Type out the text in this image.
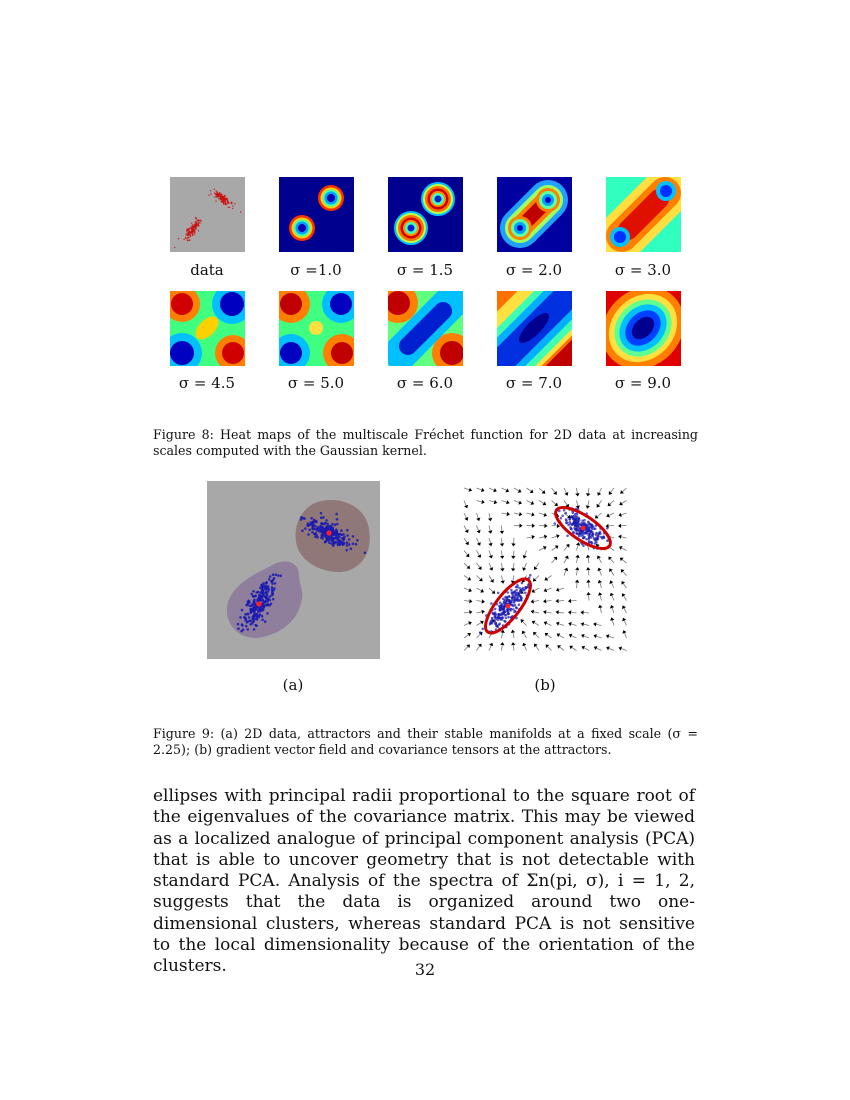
data	σ =1.0	σ = 1.5	σ = 2.0	σ = 3.0
σ = 4.5	σ = 5.0	σ = 6.0	σ = 7.0	σ = 9.0
Figure 8: Heat maps of the multiscale Fréchet function for 2D data at increasing scales computed with the Gaussian kernel.
(a)	(b)
Figure 9: (a) 2D data, attractors and their stable manifolds at a fixed scale (σ = 2.25); (b) gradient vector field and covariance tensors at the attractors.

ellipses with principal radii proportional to the square root of the eigenvalues of the covariance matrix. This may be viewed as a localized analogue of principal component analysis (PCA) that is able to uncover geometry that is not detectable with standard PCA. Analysis of the spectra of Σn(pi, σ), i = 1, 2, suggests that the data is organized around two one-dimensional clusters, whereas standard PCA is not sensitive to the local dimensionality because of the orientation of the clusters.	32
